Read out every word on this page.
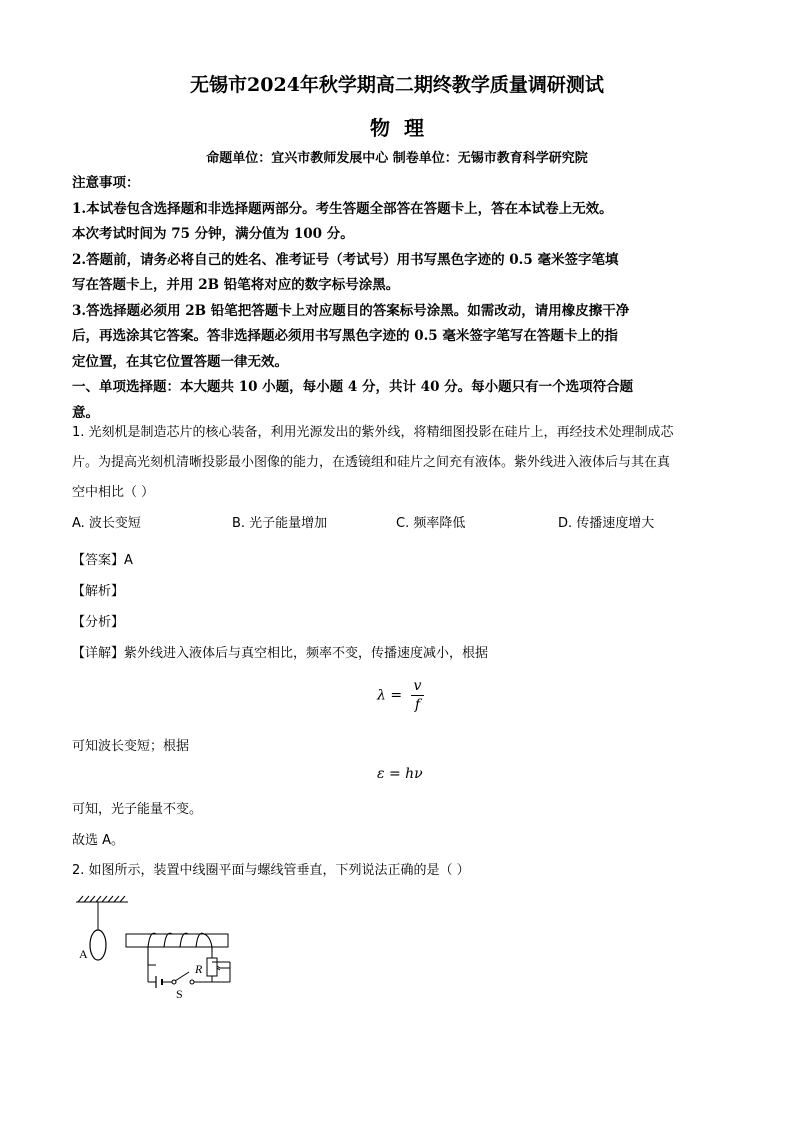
无锡市2024年秋学期高二期终教学质量调研测试
物理
命题单位：宜兴市教师发展中心 制卷单位：无锡市教育科学研究院

注意事项：

1.本试卷包含选择题和非选择题两部分。考生答题全部答在答题卡上，答在本试卷上无效。

本次考试时间为 75 分钟，满分值为 100 分。

2.答题前，请务必将自己的姓名、准考证号（考试号）用书写黑色字迹的 0.5 毫米签字笔填

写在答题卡上，并用 2B 铅笔将对应的数字标号涂黑。

3.答选择题必须用 2B 铅笔把答题卡上对应题目的答案标号涂黑。如需改动，请用橡皮擦干净

后，再选涂其它答案。答非选择题必须用书写黑色字迹的 0.5 毫米签字笔写在答题卡上的指

定位置，在其它位置答题一律无效。

一、单项选择题：本大题共 10 小题，每小题 4 分，共计 40 分。每小题只有一个选项符合题

意。

1. 光刻机是制造芯片的核心装备，利用光源发出的紫外线，将精细图投影在硅片上，再经技术处理制成芯

片。为提高光刻机清晰投影最小图像的能力，在透镜组和硅片之间充有液体。紫外线进入液体后与其在真

空中相比（ ）

A. 波长变短	B. 光子能量增加	C. 频率降低	D. 传播速度增大
【答案】A
【解析】
【分析】
【详解】紫外线进入液体后与真空相比，频率不变，传播速度减小，根据
$\lambda = \frac{v}{f}$
可知波长变短；根据
ε = hν
可知，光子能量不变。
故选 A。
2. 如图所示，装置中线圈平面与螺线管垂直，下列说法正确的是（ ）
A
S
R
